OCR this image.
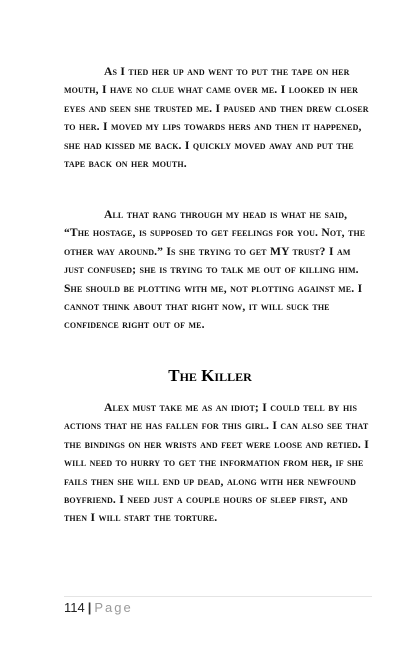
As I tied her up and went to put the tape on her mouth, I have no clue what came over me. I looked in her eyes and seen she trusted me. I paused and then drew closer to her. I moved my lips towards hers and then it happened, she had kissed me back. I quickly moved away and put the tape back on her mouth.

All that rang through my head is what he said, “The hostage, is supposed to get feelings for you. Not, the other way around.” Is she trying to get MY trust? I am just confused; she is trying to talk me out of killing him. She should be plotting with me, not plotting against me. I cannot think about that right now, it will suck the confidence right out of me.

The Killer

Alex must take me as an idiot; I could tell by his actions that he has fallen for this girl. I can also see that the bindings on her wrists and feet were loose and retied. I will need to hurry to get the information from her, if she fails then she will end up dead, along with her newfound boyfriend. I need just a couple hours of sleep first, and then I will start the torture.

114 | Page
